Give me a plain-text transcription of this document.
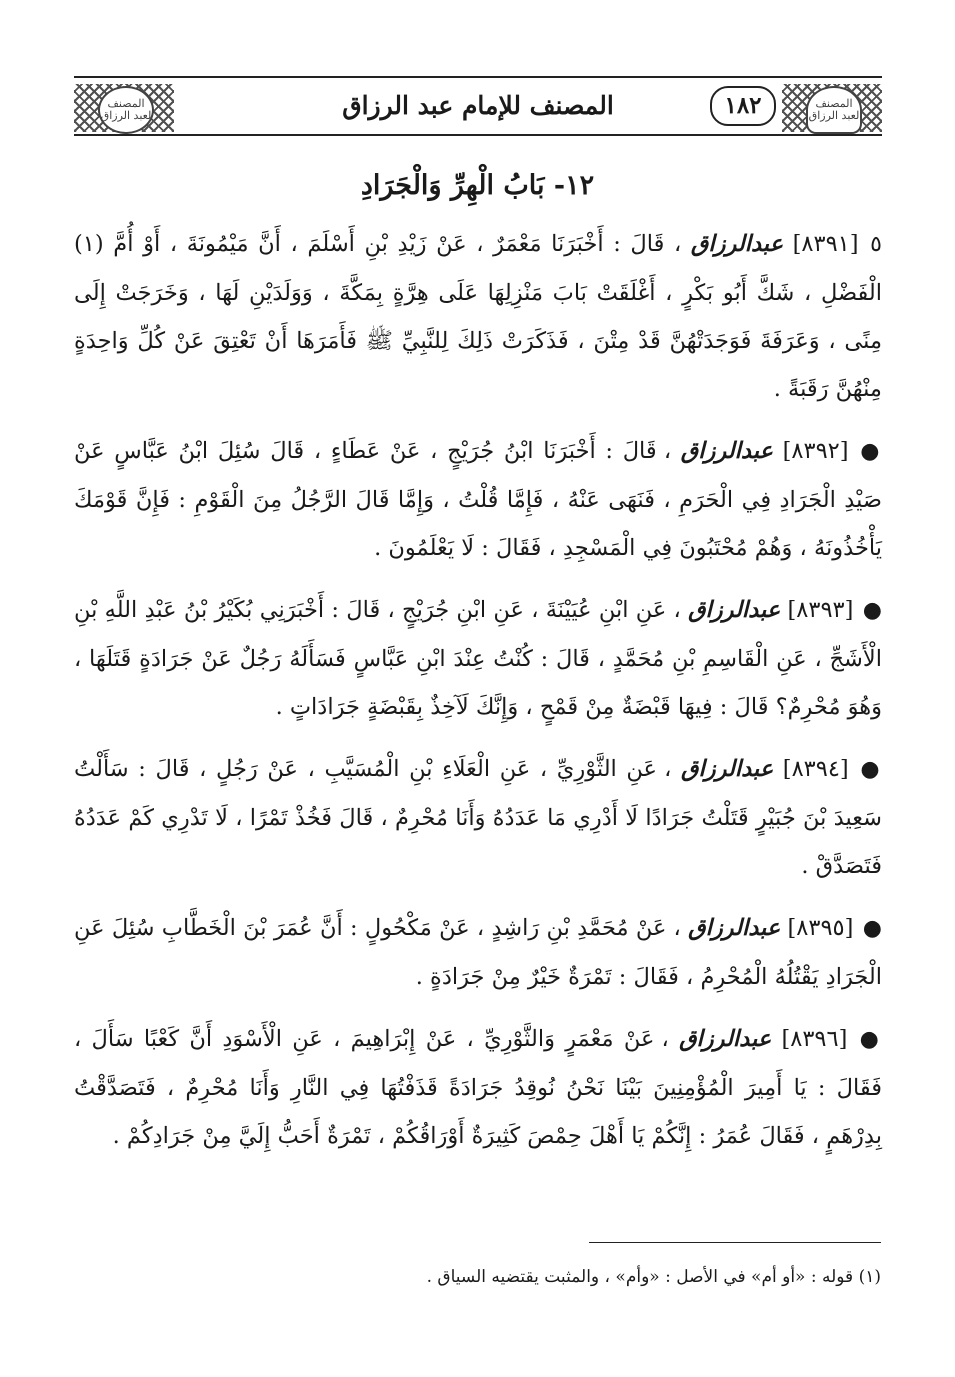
المصنف لعبد الرزاق	المصنف للإمام عبد الرزاق	١٨٢	المصنف لعبد الرزاق
١٢- بَابُ الْهِرِّ وَالْجَرَادِ

٥ [٨٣٩١] عبدالرزاق ، قَالَ : أَخْبَرَنَا مَعْمَرٌ ، عَنْ زَيْدِ بْنِ أَسْلَمَ ، أَنَّ مَيْمُونَةَ ، أَوْ أُمَّ (١) الْفَضْلِ ، شَكَّ أَبُو بَكْرٍ ، أَغْلَقَتْ بَابَ مَنْزِلِهَا عَلَى هِرَّةٍ بِمَكَّةَ ، وَوَلَدَيْنِ لَهَا ، وَخَرَجَتْ إِلَى مِنًى ، وَعَرَفَةَ فَوَجَدَتْهُنَّ قَدْ مِتْنَ ، فَذَكَرَتْ ذَلِكَ لِلنَّبِيِّ ﷺ فَأَمَرَهَا أَنْ تَعْتِقَ عَنْ كُلِّ وَاحِدَةٍ مِنْهُنَّ رَقَبَةً .

● [٨٣٩٢] عبدالرزاق ، قَالَ : أَخْبَرَنَا ابْنُ جُرَيْجٍ ، عَنْ عَطَاءٍ ، قَالَ سُئِلَ ابْنُ عَبَّاسٍ عَنْ صَيْدِ الْجَرَادِ فِي الْحَرَمِ ، فَنَهَى عَنْهُ ، فَإِمَّا قُلْتُ ، وَإِمَّا قَالَ الرَّجُلُ مِنَ الْقَوْمِ : فَإِنَّ قَوْمَكَ يَأْخُذُونَهُ ، وَهُمْ مُحْتَبُونَ فِي الْمَسْجِدِ ، فَقَالَ : لَا يَعْلَمُونَ .

● [٨٣٩٣] عبدالرزاق ، عَنِ ابْنِ عُيَيْنَةَ ، عَنِ ابْنِ جُرَيْجٍ ، قَالَ : أَخْبَرَنِي بُكَيْرُ بْنُ عَبْدِ اللَّهِ بْنِ الْأَشَجِّ ، عَنِ الْقَاسِمِ بْنِ مُحَمَّدٍ ، قَالَ : كُنْتُ عِنْدَ ابْنِ عَبَّاسٍ فَسَأَلَهُ رَجُلٌ عَنْ جَرَادَةٍ قَتَلَهَا ، وَهُوَ مُحْرِمٌ؟ قَالَ : فِيهَا قَبْضَةٌ مِنْ قَمْحٍ ، وَإِنَّكَ لَآخِذٌ بِقَبْضَةٍ جَرَادَاتٍ .

● [٨٣٩٤] عبدالرزاق ، عَنِ الثَّوْرِيِّ ، عَنِ الْعَلَاءِ بْنِ الْمُسَيَّبِ ، عَنْ رَجُلٍ ، قَالَ : سَأَلْتُ سَعِيدَ بْنَ جُبَيْرٍ قَتَلْتُ جَرَادًا لَا أَدْرِي مَا عَدَدُهُ وَأَنَا مُحْرِمٌ ، قَالَ فَخُذْ تَمْرًا ، لَا تَدْرِي كَمْ عَدَدُهُ فَتَصَدَّقْ .

● [٨٣٩٥] عبدالرزاق ، عَنْ مُحَمَّدِ بْنِ رَاشِدٍ ، عَنْ مَكْحُولٍ : أَنَّ عُمَرَ بْنَ الْخَطَّابِ سُئِلَ عَنِ الْجَرَادِ يَقْتُلُهُ الْمُحْرِمُ ، فَقَالَ : تَمْرَةٌ خَيْرٌ مِنْ جَرَادَةٍ .

● [٨٣٩٦] عبدالرزاق ، عَنْ مَعْمَرٍ وَالثَّوْرِيِّ ، عَنْ إِبْرَاهِيمَ ، عَنِ الْأَسْوَدِ أَنَّ كَعْبًا سَأَلَ ، فَقَالَ : يَا أَمِيرَ الْمُؤْمِنِينَ بَيْنَا نَحْنُ نُوقِدُ جَرَادَةً قَذَفْتُهَا فِي النَّارِ وَأَنَا مُحْرِمٌ ، فَتَصَدَّقْتُ بِدِرْهَمٍ ، فَقَالَ عُمَرُ : إِنَّكُمْ يَا أَهْلَ حِمْصَ كَثِيرَةٌ أَوْرَاقُكُمْ ، تَمْرَةٌ أَحَبُّ إِلَيَّ مِنْ جَرَادِكُمْ .

(١) قوله : «أو أم» في الأصل : «وأم» ، والمثبت يقتضيه السياق .
